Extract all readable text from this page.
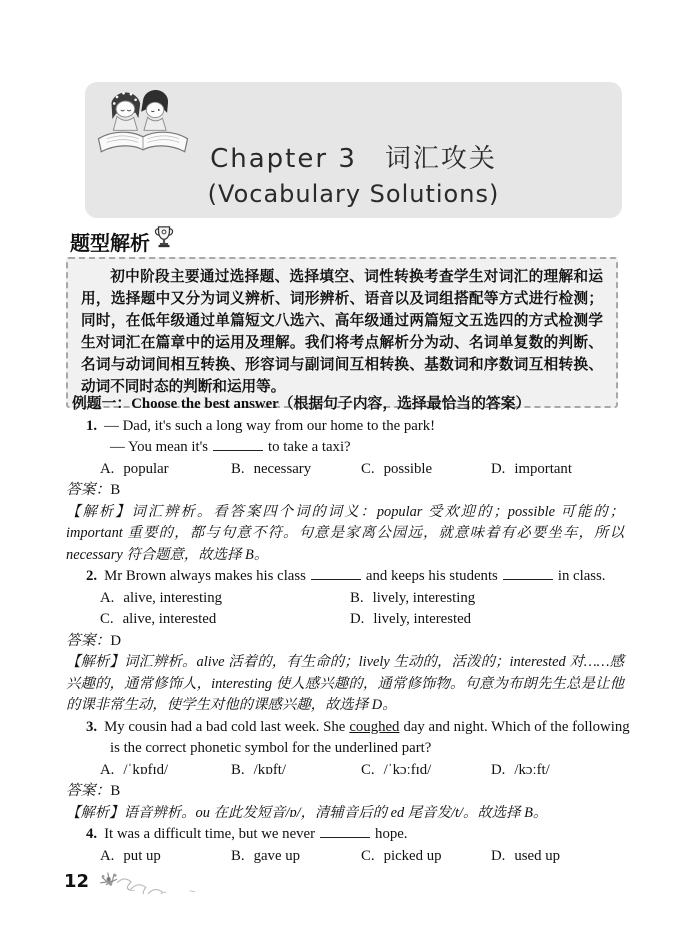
Chapter 3　词汇攻关
(Vocabulary Solutions)
题型解析

初中阶段主要通过选择题、选择填空、词性转换考查学生对词汇的理解和运用，选择题中又分为词义辨析、词形辨析、语音以及词组搭配等方式进行检测；同时，在低年级通过单篇短文八选六、高年级通过两篇短文五选四的方式检测学生对词汇在篇章中的运用及理解。我们将考点解析分为动、名词单复数的判断、名词与动词间相互转换、形容词与副词间互相转换、基数词和序数词互相转换、动词不同时态的判断和运用等。

例题一：Choose the best answer（根据句子内容，选择最恰当的答案）
1. — Dad, it's such a long way from our home to the park!
— You mean it's	to take a taxi?
A. popular	B. necessary	C. possible	D. important
答案：B

【解析】词汇辨析。看答案四个词的词义：popular 受欢迎的；possible 可能的；important 重要的，都与句意不符。句意是家离公园远，就意味着有必要坐车，所以 necessary 符合题意，故选择 B。

2. Mr Brown always makes his class	and keeps his students	in class.
A. alive, interesting	B. lively, interesting
C. alive, interested	D. lively, interested
答案：D

【解析】词汇辨析。alive 活着的，有生命的；lively 生动的，活泼的；interested 对……感兴趣的，通常修饰人，interesting 使人感兴趣的，通常修饰物。句意为布朗先生总是让他的课非常生动，使学生对他的课感兴趣，故选择 D。

3. My cousin had a bad cold last week. She coughed day and night. Which of the following
is the correct phonetic symbol for the underlined part?
A. /ˈkɒfɪd/	B. /kɒft/	C. /ˈkɔːfɪd/	D. /kɔːft/
答案：B

【解析】语音辨析。ou 在此发短音/ɒ/，清辅音后的 ed 尾音发/t/。故选择 B。

4. It was a difficult time, but we never	hope.
A. put up	B. gave up	C. picked up	D. used up
12
